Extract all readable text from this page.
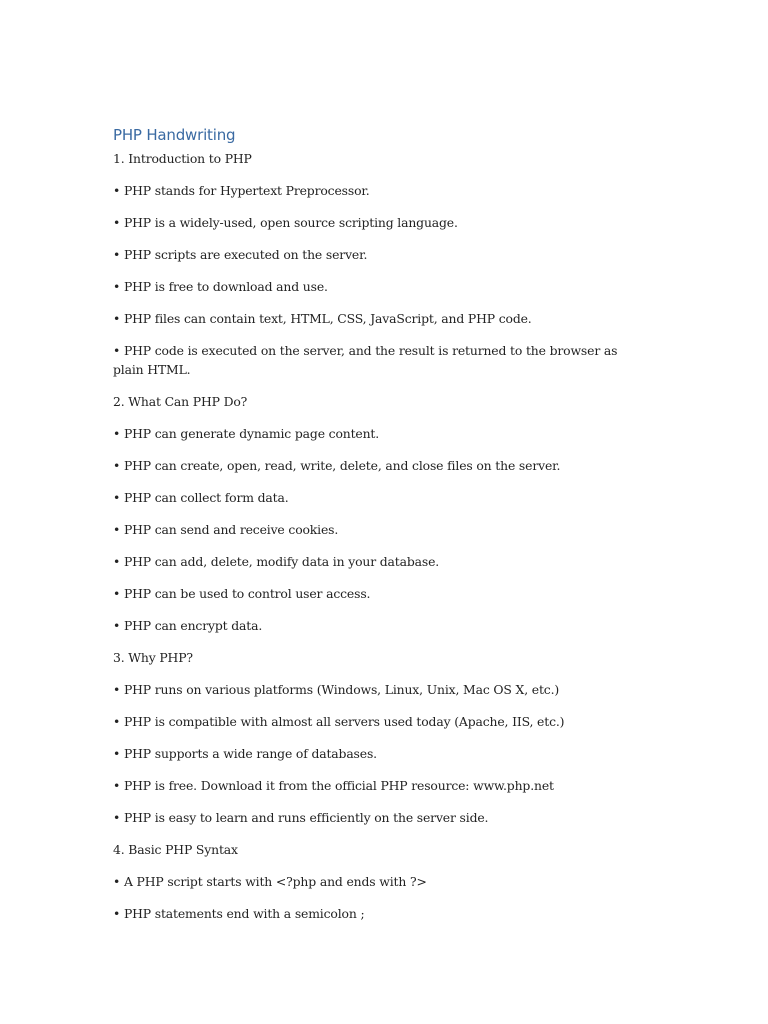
PHP Handwriting

1. Introduction to PHP

• PHP stands for Hypertext Preprocessor.

• PHP is a widely-used, open source scripting language.

• PHP scripts are executed on the server.

• PHP is free to download and use.

• PHP files can contain text, HTML, CSS, JavaScript, and PHP code.

• PHP code is executed on the server, and the result is returned to the browser as plain HTML.

2. What Can PHP Do?

• PHP can generate dynamic page content.

• PHP can create, open, read, write, delete, and close files on the server.

• PHP can collect form data.

• PHP can send and receive cookies.

• PHP can add, delete, modify data in your database.

• PHP can be used to control user access.

• PHP can encrypt data.

3. Why PHP?

• PHP runs on various platforms (Windows, Linux, Unix, Mac OS X, etc.)

• PHP is compatible with almost all servers used today (Apache, IIS, etc.)

• PHP supports a wide range of databases.

• PHP is free. Download it from the official PHP resource: www.php.net

• PHP is easy to learn and runs efficiently on the server side.

4. Basic PHP Syntax

• A PHP script starts with <?php and ends with ?>

• PHP statements end with a semicolon ;
